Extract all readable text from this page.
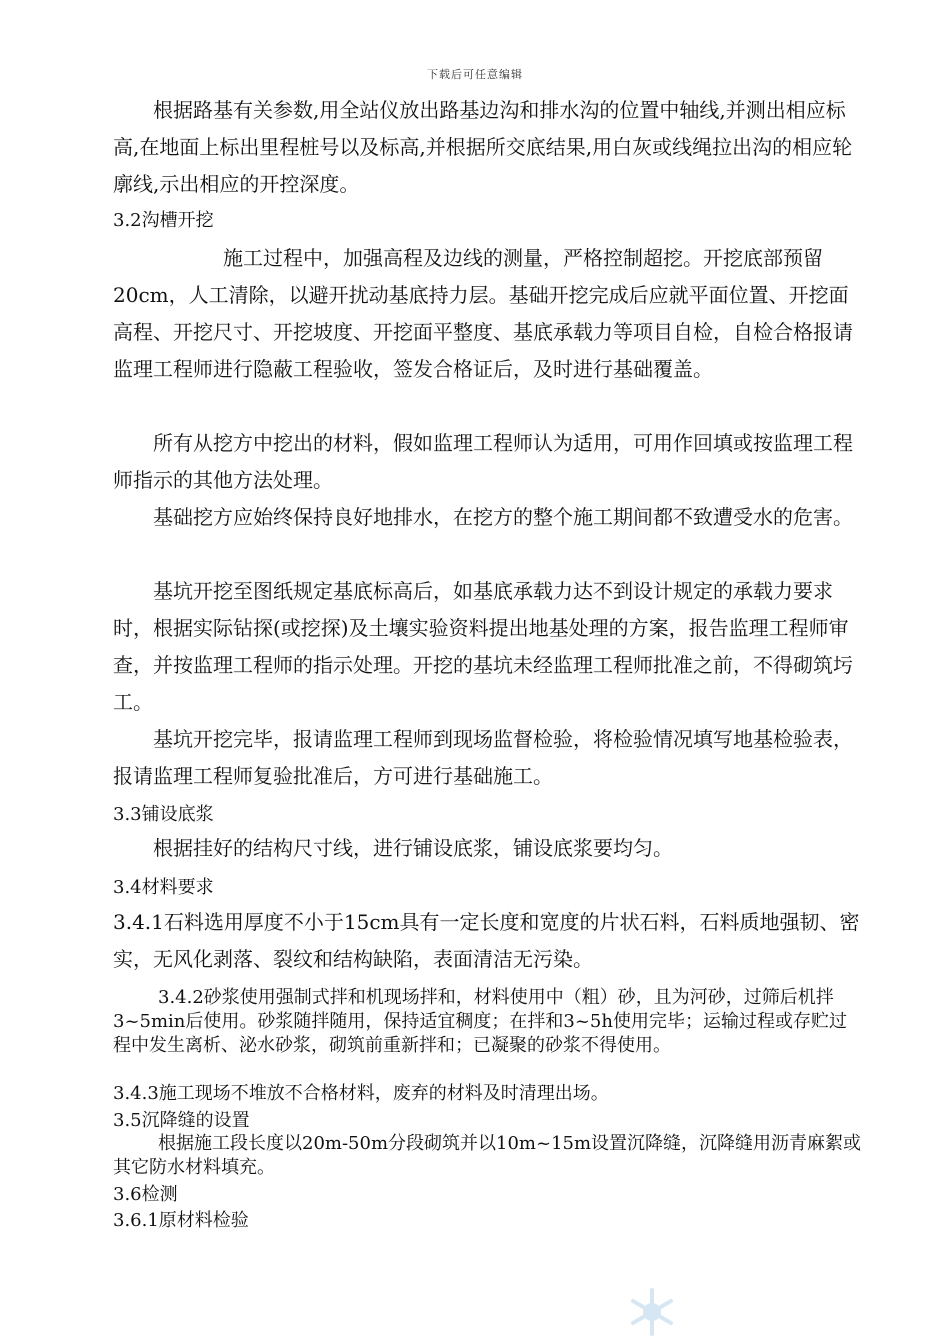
下载后可任意编辑

根据路基有关参数,用全站仪放出路基边沟和排水沟的位置中轴线,并测出相应标高,在地面上标出里程桩号以及标高,并根据所交底结果,用白灰或线绳拉出沟的相应轮廓线,示出相应的开控深度。

3.2沟槽开挖

施工过程中，加强高程及边线的测量，严格控制超挖。开挖底部预留20cm，人工清除，以避开扰动基底持力层。基础开挖完成后应就平面位置、开挖面高程、开挖尺寸、开挖坡度、开挖面平整度、基底承载力等项目自检，自检合格报请监理工程师进行隐蔽工程验收，签发合格证后，及时进行基础覆盖。

所有从挖方中挖出的材料，假如监理工程师认为适用，可用作回填或按监理工程师指示的其他方法处理。

基础挖方应始终保持良好地排水，在挖方的整个施工期间都不致遭受水的危害。

基坑开挖至图纸规定基底标高后，如基底承载力达不到设计规定的承载力要求时，根据实际钻探(或挖探)及土壤实验资料提出地基处理的方案，报告监理工程师审查，并按监理工程师的指示处理。开挖的基坑未经监理工程师批准之前，不得砌筑圬工。

基坑开挖完毕，报请监理工程师到现场监督检验，将检验情况填写地基检验表，报请监理工程师复验批准后，方可进行基础施工。

3.3铺设底浆

根据挂好的结构尺寸线，进行铺设底浆，铺设底浆要均匀。

3.4材料要求

3.4.1石料选用厚度不小于15cm具有一定长度和宽度的片状石料，石料质地强韧、密实，无风化剥落、裂纹和结构缺陷，表面清洁无污染。

3.4.2砂浆使用强制式拌和机现场拌和，材料使用中（粗）砂，且为河砂，过筛后机拌3~5min后使用。砂浆随拌随用，保持适宜稠度；在拌和3~5h使用完毕；运输过程或存贮过程中发生离析、泌水砂浆，砌筑前重新拌和；已凝聚的砂浆不得使用。

3.4.3施工现场不堆放不合格材料，废弃的材料及时清理出场。

3.5沉降缝的设置

根据施工段长度以20m-50m分段砌筑并以10m~15m设置沉降缝，沉降缝用沥青麻絮或其它防水材料填充。

3.6检测

3.6.1原材料检验
